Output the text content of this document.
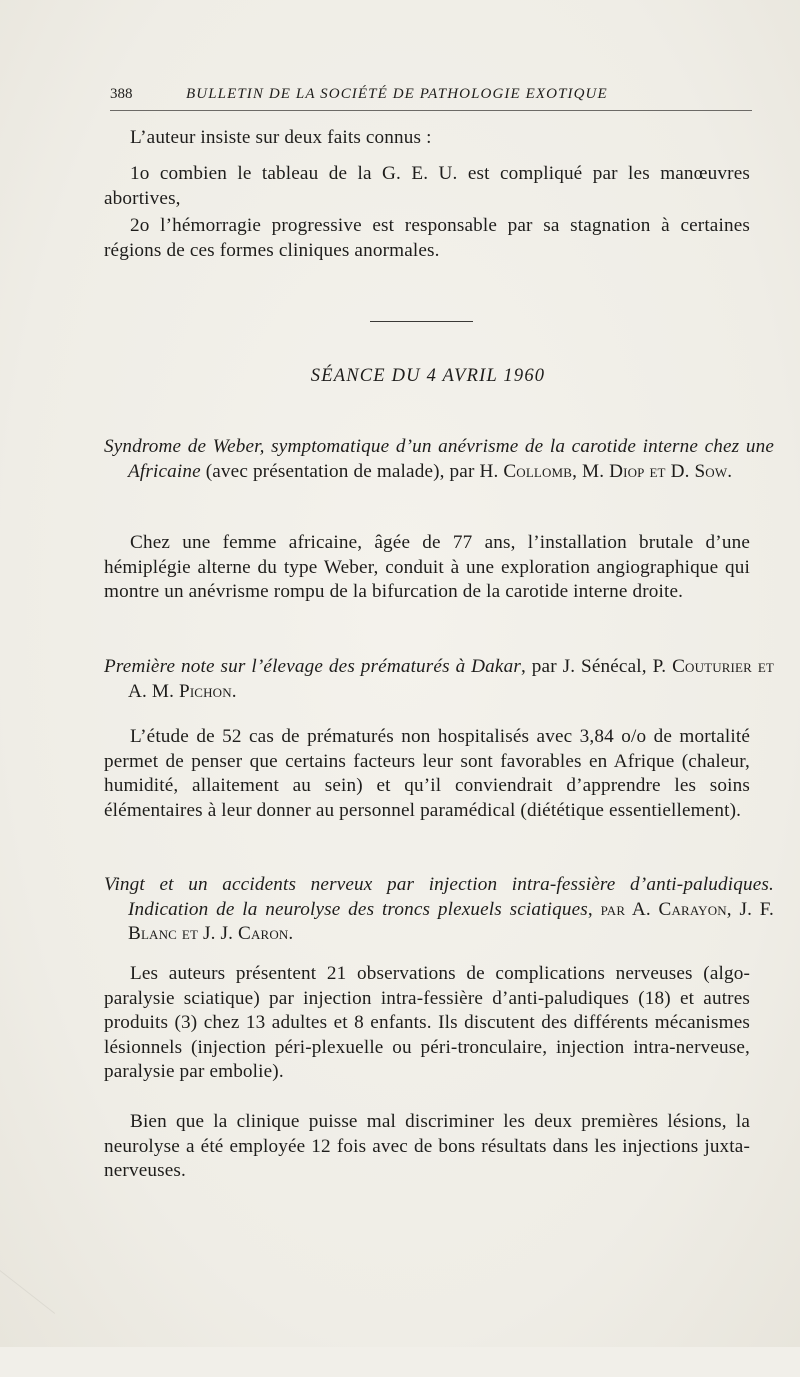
388	BULLETIN DE LA SOCIÉTÉ DE PATHOLOGIE EXOTIQUE
L’auteur insiste sur deux faits connus :
1o combien le tableau de la G. E. U. est compliqué par les manœuvres abortives,
2o l’hémorragie progressive est responsable par sa stagnation à certaines régions de ces formes cliniques anormales.
SÉANCE DU 4 AVRIL 1960
Syndrome de Weber, symptomatique d’un anévrisme de la carotide interne chez une Africaine (avec présentation de malade), par H. Collomb, M. Diop et D. Sow.
Chez une femme africaine, âgée de 77 ans, l’installation brutale d’une hémiplégie alterne du type Weber, conduit à une exploration angiographique qui montre un anévrisme rompu de la bifurcation de la carotide interne droite.
Première note sur l’élevage des prématurés à Dakar, par J. Sénécal, P. Couturier et A. M. Pichon.
L’étude de 52 cas de prématurés non hospitalisés avec 3,84 o/o de mortalité permet de penser que certains facteurs leur sont favorables en Afrique (chaleur, humidité, allaitement au sein) et qu’il conviendrait d’apprendre les soins élémentaires à leur donner au personnel paramédical (diététique essentiellement).
Vingt et un accidents nerveux par injection intra-fessière d’anti-paludiques. Indication de la neurolyse des troncs plexuels sciatiques, par A. Carayon, J. F. Blanc et J. J. Caron.
Les auteurs présentent 21 observations de complications nerveuses (algo-paralysie sciatique) par injection intra-fessière d’anti-paludiques (18) et autres produits (3) chez 13 adultes et 8 enfants. Ils discutent des différents mécanismes lésionnels (injection péri-plexuelle ou péri-tronculaire, injection intra-nerveuse, paralysie par embolie).
Bien que la clinique puisse mal discriminer les deux premières lésions, la neurolyse a été employée 12 fois avec de bons résultats dans les injections juxta-nerveuses.
